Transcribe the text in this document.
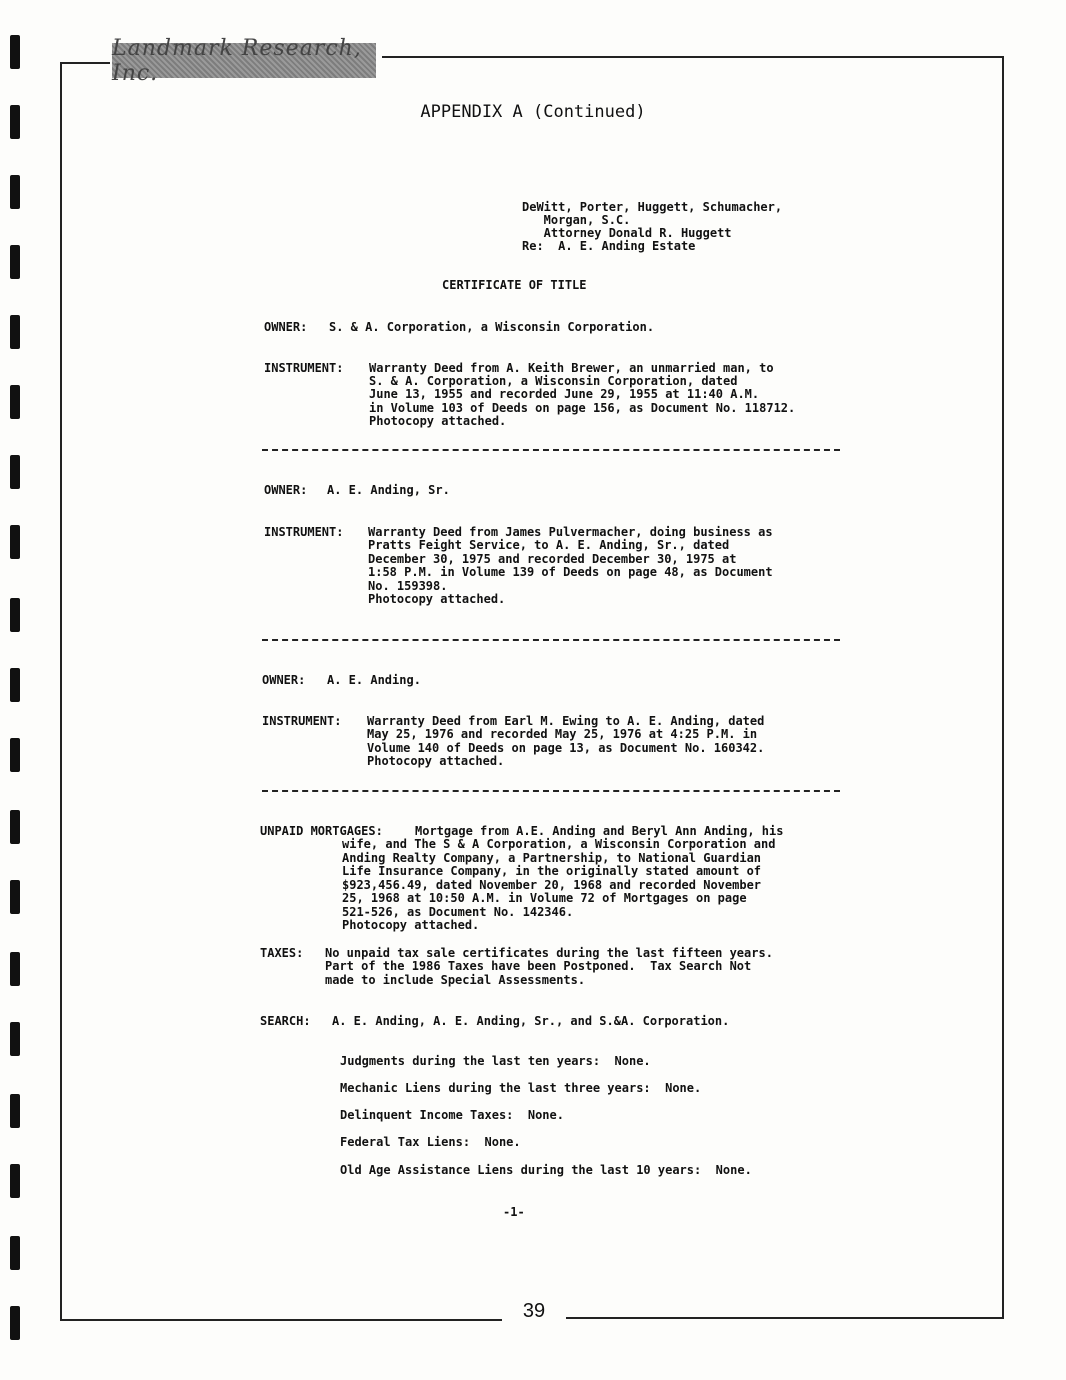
Landmark Research, Inc.
APPENDIX A (Continued)
DeWitt, Porter, Huggett, Schumacher,
Morgan, S.C.
Attorney Donald R. Huggett
Re:  A. E. Anding Estate
CERTIFICATE OF TITLE
OWNER: S. & A. Corporation, a Wisconsin Corporation.
INSTRUMENT: Warranty Deed from A. Keith Brewer, an unmarried man, to
S. & A. Corporation, a Wisconsin Corporation, dated
June 13, 1955 and recorded June 29, 1955 at 11:40 A.M.
in Volume 103 of Deeds on page 156, as Document No. 118712.
Photocopy attached.
OWNER: A. E. Anding, Sr.
INSTRUMENT: Warranty Deed from James Pulvermacher, doing business as
Pratts Feight Service, to A. E. Anding, Sr., dated
December 30, 1975 and recorded December 30, 1975 at
1:58 P.M. in Volume 139 of Deeds on page 48, as Document
No. 159398.
Photocopy attached.
OWNER: A. E. Anding.
INSTRUMENT: Warranty Deed from Earl M. Ewing to A. E. Anding, dated
May 25, 1976 and recorded May 25, 1976 at 4:25 P.M. in
Volume 140 of Deeds on page 13, as Document No. 160342.
Photocopy attached.
UNPAID MORTGAGES:	Mortgage from A.E. Anding and Beryl Ann Anding, his
wife, and The S & A Corporation, a Wisconsin Corporation and
Anding Realty Company, a Partnership, to National Guardian
Life Insurance Company, in the originally stated amount of
$923,456.49, dated November 20, 1968 and recorded November
25, 1968 at 10:50 A.M. in Volume 72 of Mortgages on page
521-526, as Document No. 142346.
Photocopy attached.
TAXES: No unpaid tax sale certificates during the last fifteen years.
Part of the 1986 Taxes have been Postponed.  Tax Search Not
made to include Special Assessments.
SEARCH: A. E. Anding, A. E. Anding, Sr., and S.&A. Corporation.
Judgments during the last ten years:  None.
Mechanic Liens during the last three years:  None.
Delinquent Income Taxes:  None.
Federal Tax Liens:  None.
Old Age Assistance Liens during the last 10 years:  None.
-1-
39
